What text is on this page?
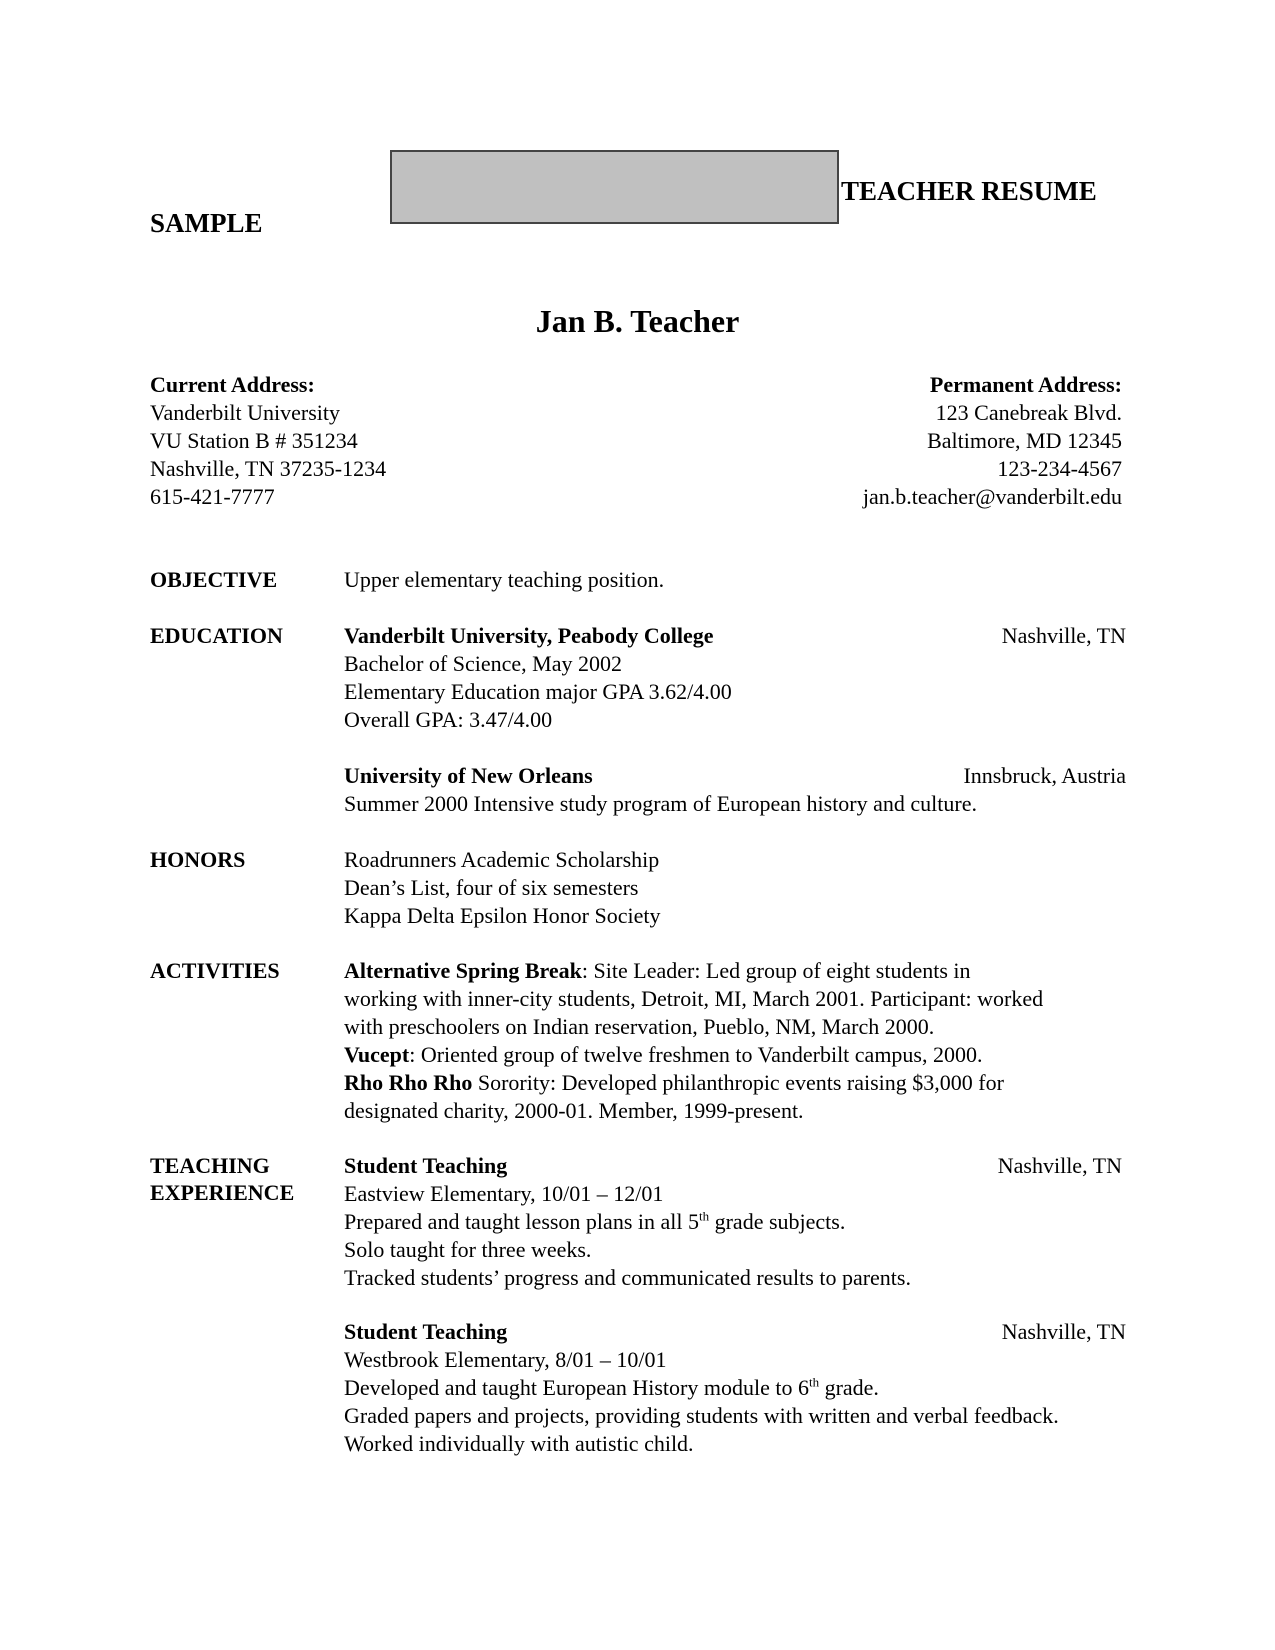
SAMPLE
TEACHER RESUME
Jan B. Teacher
Current Address:
Vanderbilt University
VU Station B # 351234
Nashville, TN 37235-1234
615-421-7777
Permanent Address:
123 Canebreak Blvd.
Baltimore, MD 12345
123-234-4567
jan.b.teacher@vanderbilt.edu
OBJECTIVE	Upper elementary teaching position.
EDUCATION	Vanderbilt University, Peabody College	Nashville, TN
Bachelor of Science, May 2002
Elementary Education major GPA 3.62/4.00
Overall GPA: 3.47/4.00
University of New Orleans	Innsbruck, Austria
Summer 2000 Intensive study program of European history and culture.
HONORS	Roadrunners Academic Scholarship
Dean’s List, four of six semesters
Kappa Delta Epsilon Honor Society
ACTIVITIES	Alternative Spring Break: Site Leader: Led group of eight students in
working with inner-city students, Detroit, MI, March 2001. Participant: worked
with preschoolers on Indian reservation, Pueblo, NM, March 2000.
Vucept: Oriented group of twelve freshmen to Vanderbilt campus, 2000.
Rho Rho Rho Sorority: Developed philanthropic events raising $3,000 for
designated charity, 2000-01. Member, 1999-present.
TEACHING
EXPERIENCE
Student Teaching	Nashville, TN
Eastview Elementary, 10/01 – 12/01
Prepared and taught lesson plans in all 5th grade subjects.
Solo taught for three weeks.
Tracked students’ progress and communicated results to parents.
Student Teaching	Nashville, TN
Westbrook Elementary, 8/01 – 10/01
Developed and taught European History module to 6th grade.
Graded papers and projects, providing students with written and verbal feedback.
Worked individually with autistic child.
